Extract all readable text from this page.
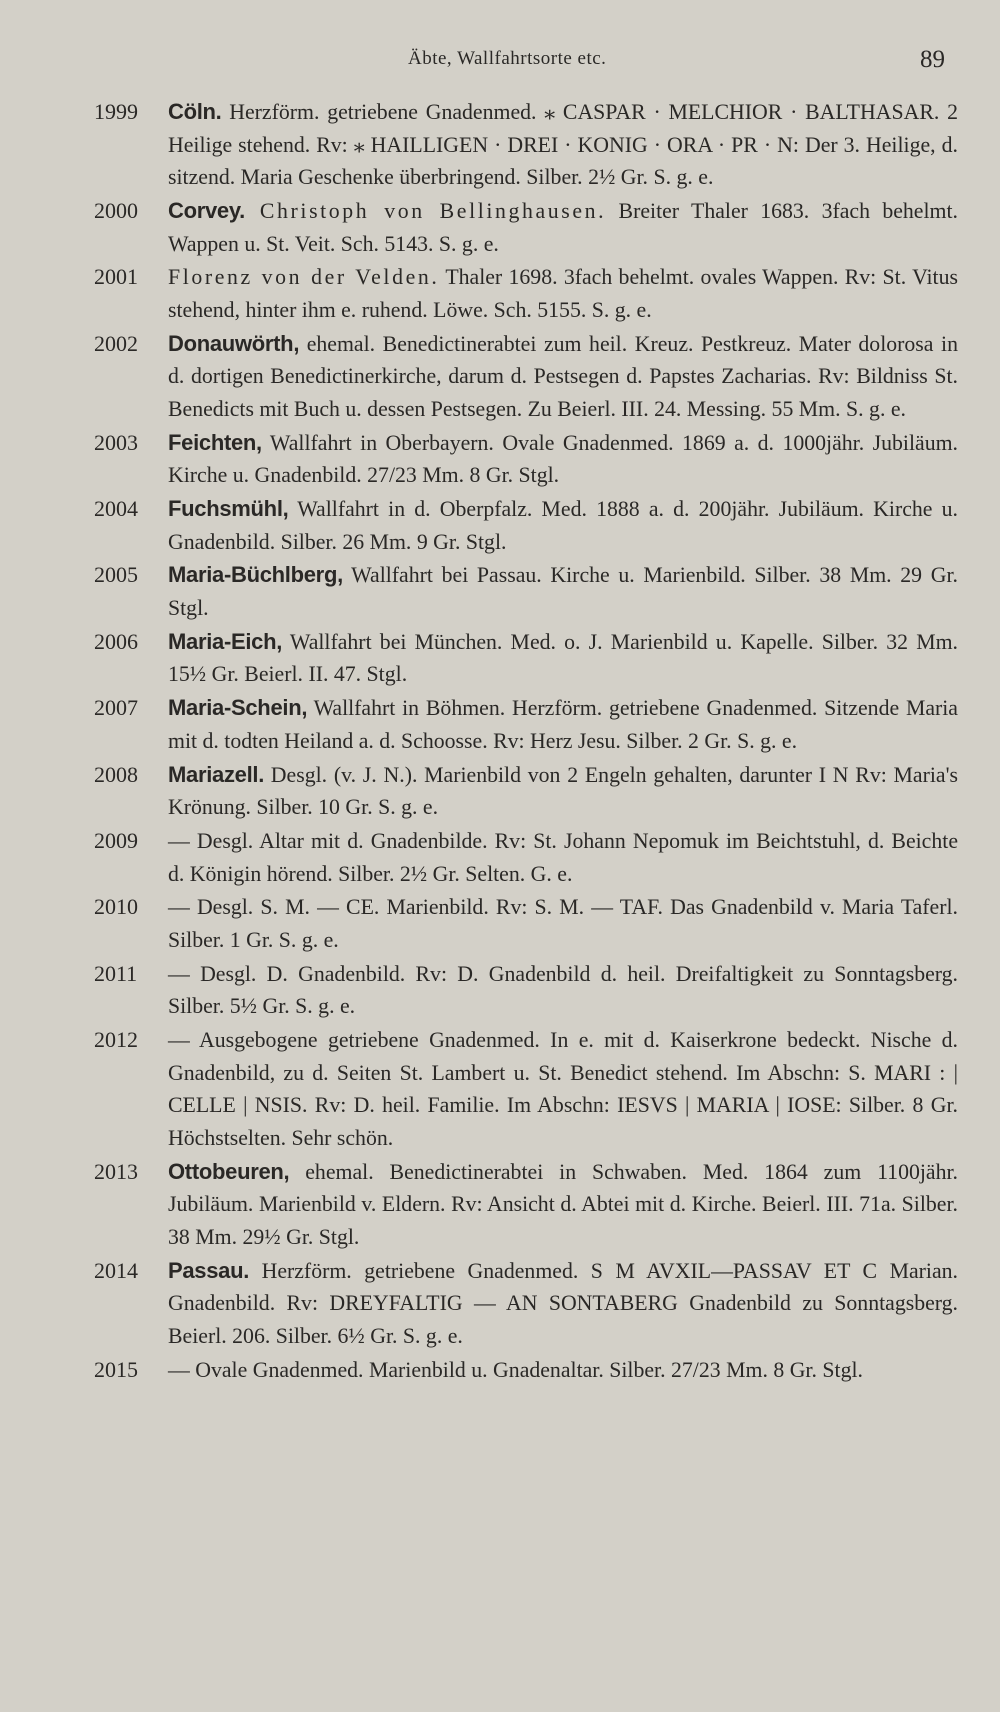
Äbte, Wallfahrtsorte etc.	89
1999	Cöln. Herzförm. getriebene Gnadenmed. ⁎ CASPAR · MELCHIOR · BALTHASAR. 2 Heilige stehend. Rv: ⁎ HAILLIGEN · DREI · KONIG · ORA · PR · N: Der 3. Heilige, d. sitzend. Maria Geschenke überbringend. Silber. 2½ Gr. S. g. e.
2000	Corvey. Christoph von Bellinghausen. Breiter Thaler 1683. 3fach behelmt. Wappen u. St. Veit. Sch. 5143. S. g. e.
2001	Florenz von der Velden. Thaler 1698. 3fach behelmt. ovales Wappen. Rv: St. Vitus stehend, hinter ihm e. ruhend. Löwe. Sch. 5155. S. g. e.
2002	Donauwörth, ehemal. Benedictinerabtei zum heil. Kreuz. Pestkreuz. Mater dolorosa in d. dortigen Benedictinerkirche, darum d. Pestsegen d. Papstes Zacharias. Rv: Bildniss St. Benedicts mit Buch u. dessen Pestsegen. Zu Beierl. III. 24. Messing. 55 Mm. S. g. e.
2003	Feichten, Wallfahrt in Oberbayern. Ovale Gnadenmed. 1869 a. d. 1000jähr. Jubiläum. Kirche u. Gnadenbild. 27/23 Mm. 8 Gr. Stgl.
2004	Fuchsmühl, Wallfahrt in d. Oberpfalz. Med. 1888 a. d. 200jähr. Jubiläum. Kirche u. Gnadenbild. Silber. 26 Mm. 9 Gr. Stgl.
2005	Maria-Büchlberg, Wallfahrt bei Passau. Kirche u. Marienbild. Silber. 38 Mm. 29 Gr. Stgl.
2006	Maria-Eich, Wallfahrt bei München. Med. o. J. Marienbild u. Kapelle. Silber. 32 Mm. 15½ Gr. Beierl. II. 47. Stgl.
2007	Maria-Schein, Wallfahrt in Böhmen. Herzförm. getriebene Gnadenmed. Sitzende Maria mit d. todten Heiland a. d. Schoosse. Rv: Herz Jesu. Silber. 2 Gr. S. g. e.
2008	Mariazell. Desgl. (v. J. N.). Marienbild von 2 Engeln gehalten, darunter I N Rv: Maria's Krönung. Silber. 10 Gr. S. g. e.
2009	— Desgl. Altar mit d. Gnadenbilde. Rv: St. Johann Nepomuk im Beichtstuhl, d. Beichte d. Königin hörend. Silber. 2½ Gr. Selten. G. e.
2010	— Desgl. S. M. — CE. Marienbild. Rv: S. M. — TAF. Das Gnadenbild v. Maria Taferl. Silber. 1 Gr. S. g. e.
2011	— Desgl. D. Gnadenbild. Rv: D. Gnadenbild d. heil. Dreifaltigkeit zu Sonntagsberg. Silber. 5½ Gr. S. g. e.
2012	— Ausgebogene getriebene Gnadenmed. In e. mit d. Kaiserkrone bedeckt. Nische d. Gnadenbild, zu d. Seiten St. Lambert u. St. Benedict stehend. Im Abschn: S. MARI : | CELLE | NSIS. Rv: D. heil. Familie. Im Abschn: IESVS | MARIA | IOSE: Silber. 8 Gr. Höchstselten. Sehr schön.
2013	Ottobeuren, ehemal. Benedictinerabtei in Schwaben. Med. 1864 zum 1100jähr. Jubiläum. Marienbild v. Eldern. Rv: Ansicht d. Abtei mit d. Kirche. Beierl. III. 71a. Silber. 38 Mm. 29½ Gr. Stgl.
2014	Passau. Herzförm. getriebene Gnadenmed. S M AVXIL—PASSAV ET C Marian. Gnadenbild. Rv: DREYFALTIG — AN SONTABERG Gnadenbild zu Sonntagsberg. Beierl. 206. Silber. 6½ Gr. S. g. e.
2015	— Ovale Gnadenmed. Marienbild u. Gnadenaltar. Silber. 27/23 Mm. 8 Gr. Stgl.
